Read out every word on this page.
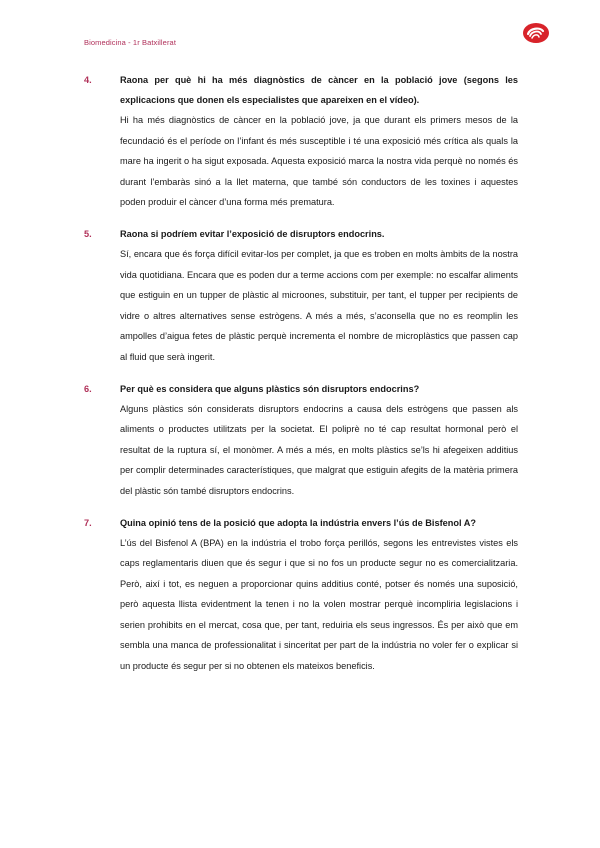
Biomedicina - 1r Batxillerat
4.	Raona per què hi ha més diagnòstics de càncer en la població jove (segons les explicacions que donen els especialistes que apareixen en el vídeo).

Hi ha més diagnòstics de càncer en la població jove, ja que durant els primers mesos de la fecundació és el període on l’infant és més susceptible i té una exposició més crítica als quals la mare ha ingerit o ha sigut exposada. Aquesta exposició marca la nostra vida perquè no només és durant l’embaràs sinó a la llet materna, que també són conductors de les toxines i aquestes poden produir el càncer d’una forma més prematura.

5.	Raona si podríem evitar l’exposició de disruptors endocrins.

Sí, encara que és força difícil evitar-los per complet, ja que es troben en molts àmbits de la nostra vida quotidiana. Encara que es poden dur a terme accions com per exemple: no escalfar aliments que estiguin en un tupper de plàstic al microones, substituir, per tant, el tupper per recipients de vidre o altres alternatives sense estrògens. A més a més, s’aconsella que no es reomplin les ampolles d’aigua fetes de plàstic perquè incrementa el nombre de microplàstics que passen cap al fluid que serà ingerit.

6.	Per què es considera que alguns plàstics són disruptors endocrins?

Alguns plàstics són considerats disruptors endocrins a causa dels estrògens que passen als aliments o productes utilitzats per la societat. El poliprè no té cap resultat hormonal però el resultat de la ruptura sí, el monòmer. A més a més, en molts plàstics se’ls hi afegeixen additius per complir determinades característiques, que malgrat que estiguin afegits de la matèria primera del plàstic són també disruptors endocrins.

7.	Quina opinió tens de la posició que adopta la indústria envers l’ús de Bisfenol A?

L’ús del Bisfenol A (BPA) en la indústria el trobo força perillós, segons les entrevistes vistes els caps reglamentaris diuen que és segur i que si no fos un producte segur no es comercialitzaria. Però, així i tot, es neguen a proporcionar quins additius conté, potser és només una suposició, però aquesta llista evidentment la tenen i no la volen mostrar perquè incompliria legislacions i serien prohibits en el mercat, cosa que, per tant, reduiria els seus ingressos. És per això que em sembla una manca de professionalitat i sinceritat per part de la indústria no voler fer o explicar si un producte és segur per si no obtenen els mateixos beneficis.
